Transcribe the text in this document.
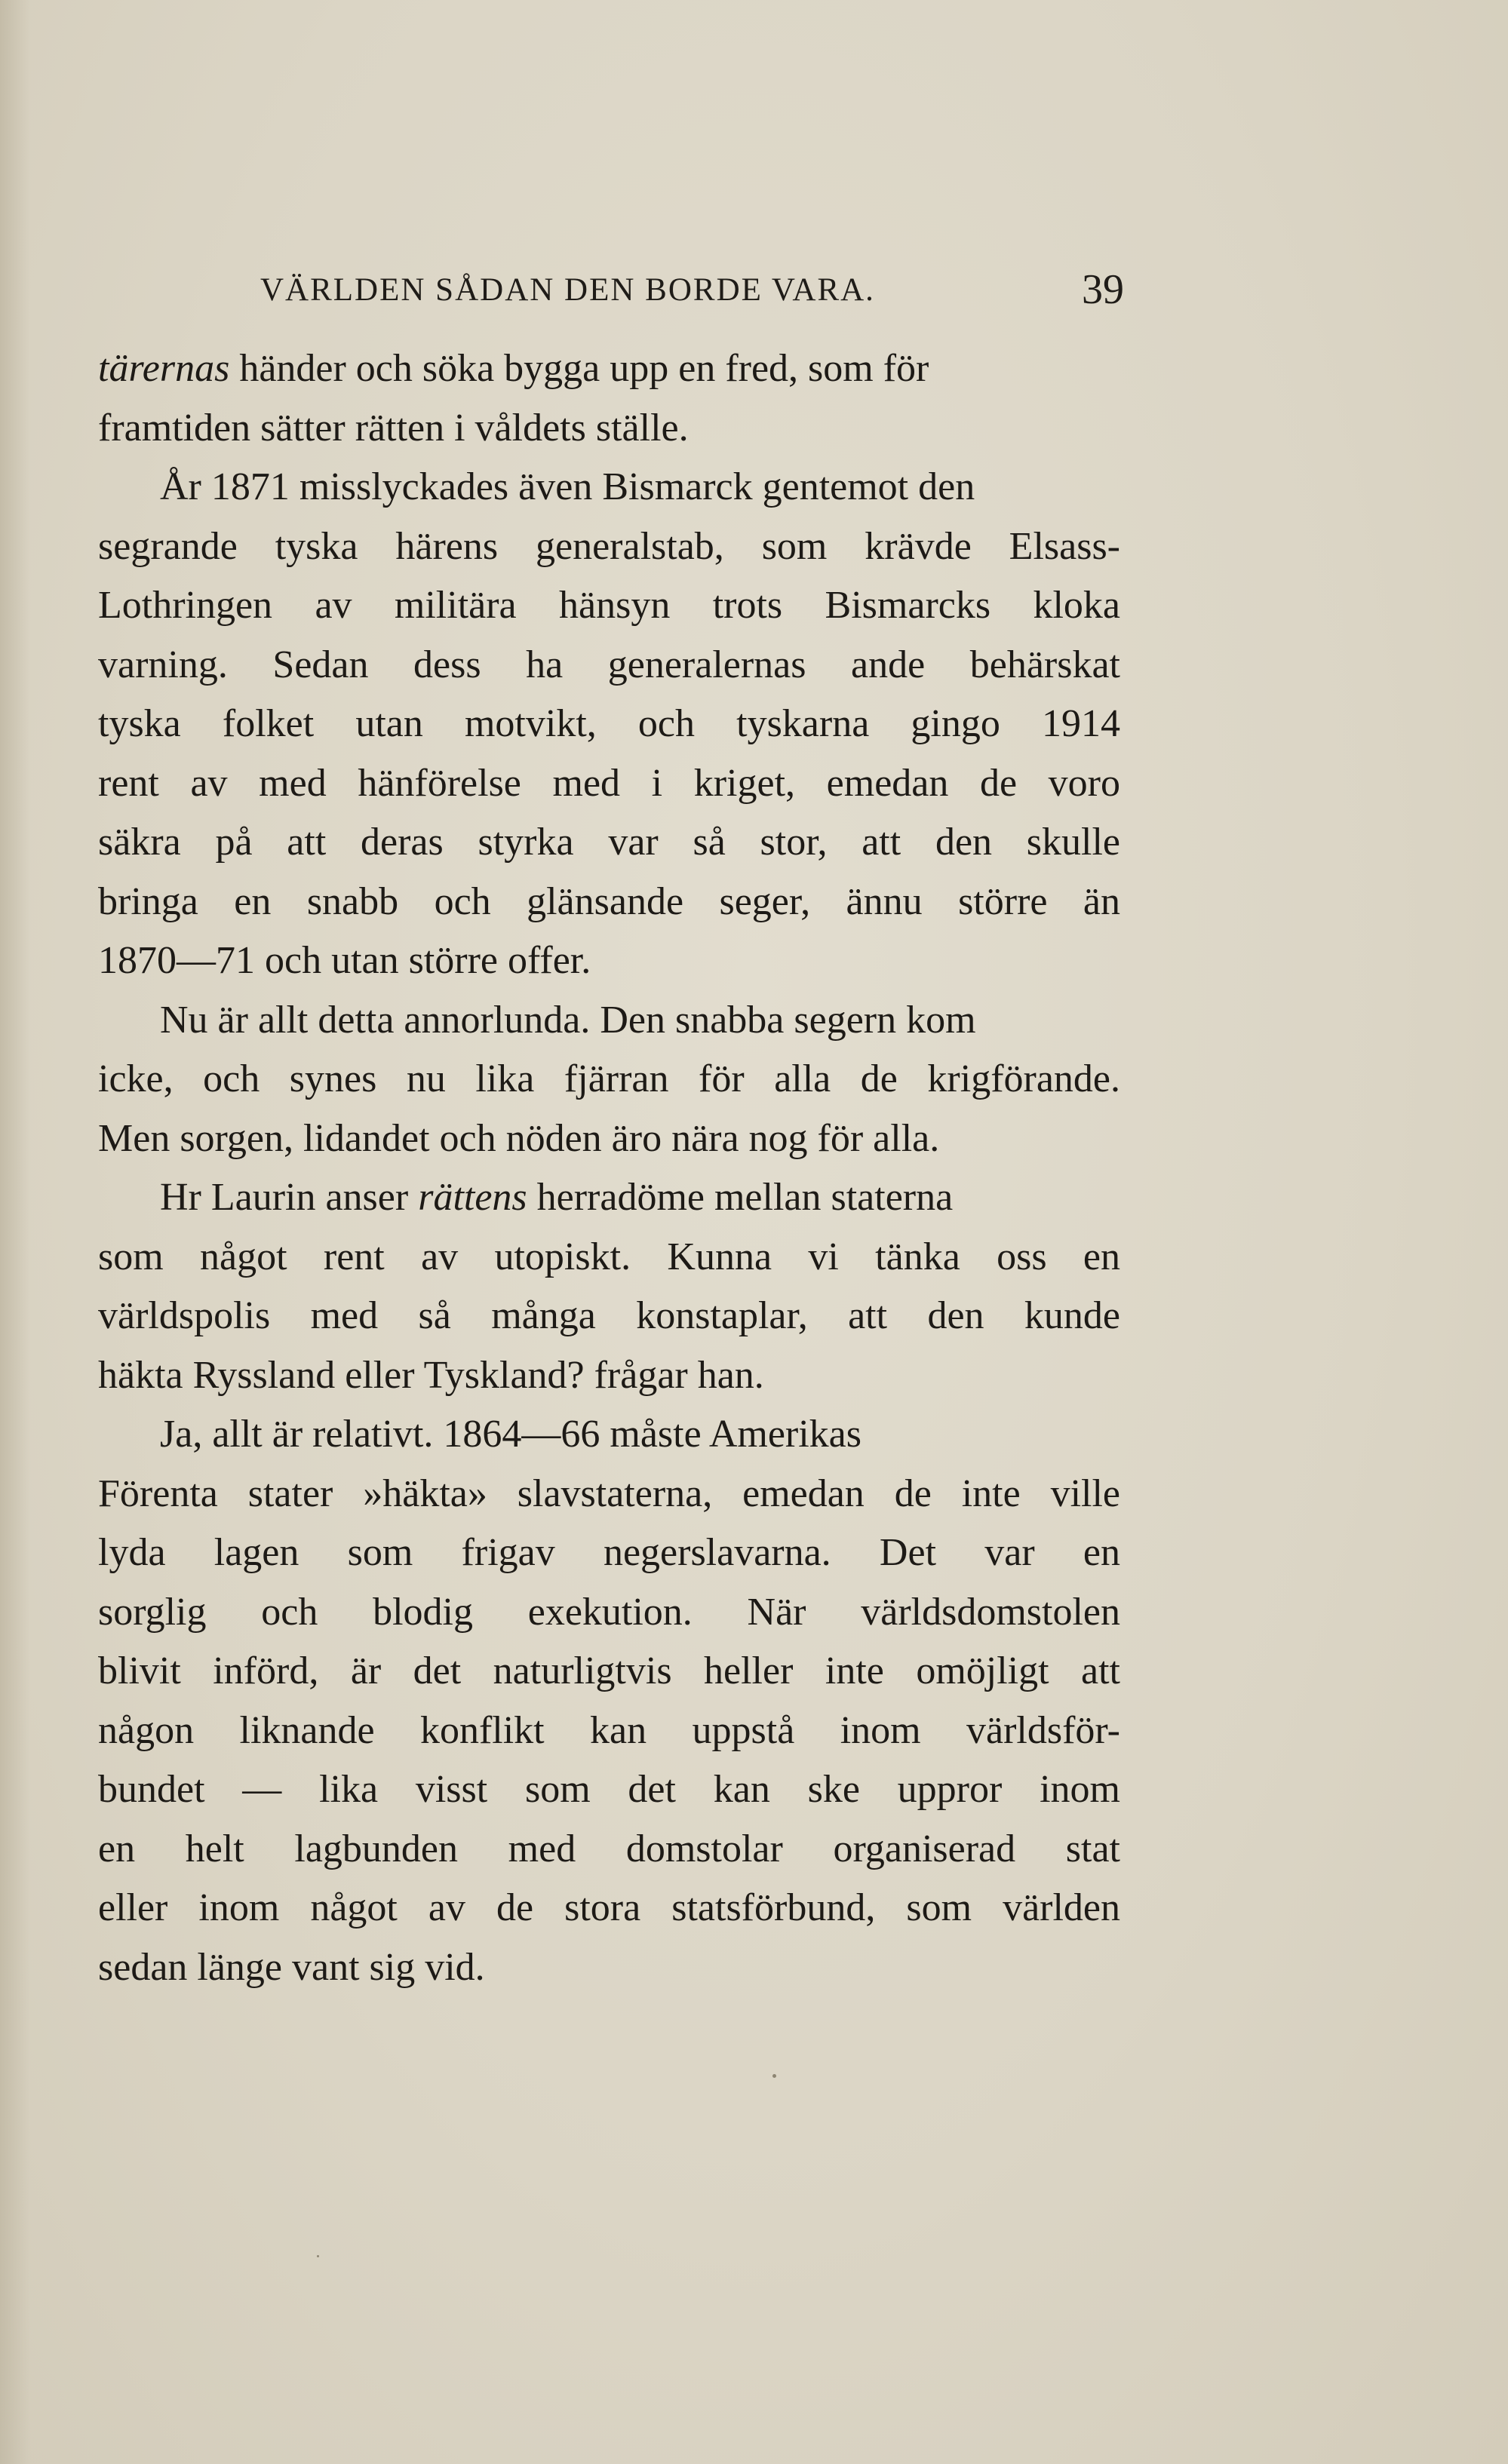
VÄRLDEN SÅDAN DEN BORDE VARA.	39
tärernas händer och söka bygga upp en fred, som för
framtiden sätter rätten i våldets ställe.
År 1871 misslyckades även Bismarck gentemot den
segrande tyska härens generalstab, som krävde Elsass-
Lothringen av militära hänsyn trots Bismarcks kloka
varning. Sedan dess ha generalernas ande behärskat
tyska folket utan motvikt, och tyskarna gingo 1914
rent av med hänförelse med i kriget, emedan de voro
säkra på att deras styrka var så stor, att den skulle
bringa en snabb och glänsande seger, ännu större än
1870—71 och utan större offer.
Nu är allt detta annorlunda. Den snabba segern kom
icke, och synes nu lika fjärran för alla de krigförande.
Men sorgen, lidandet och nöden äro nära nog för alla.
Hr Laurin anser rättens herradöme mellan staterna
som något rent av utopiskt. Kunna vi tänka oss en
världspolis med så många konstaplar, att den kunde
häkta Ryssland eller Tyskland? frågar han.
Ja, allt är relativt. 1864—66 måste Amerikas
Förenta stater »häkta» slavstaterna, emedan de inte ville
lyda lagen som frigav negerslavarna. Det var en
sorglig och blodig exekution. När världsdomstolen
blivit införd, är det naturligtvis heller inte omöjligt att
någon liknande konflikt kan uppstå inom världsför-
bundet — lika visst som det kan ske uppror inom
en helt lagbunden med domstolar organiserad stat
eller inom något av de stora statsförbund, som världen
sedan länge vant sig vid.
